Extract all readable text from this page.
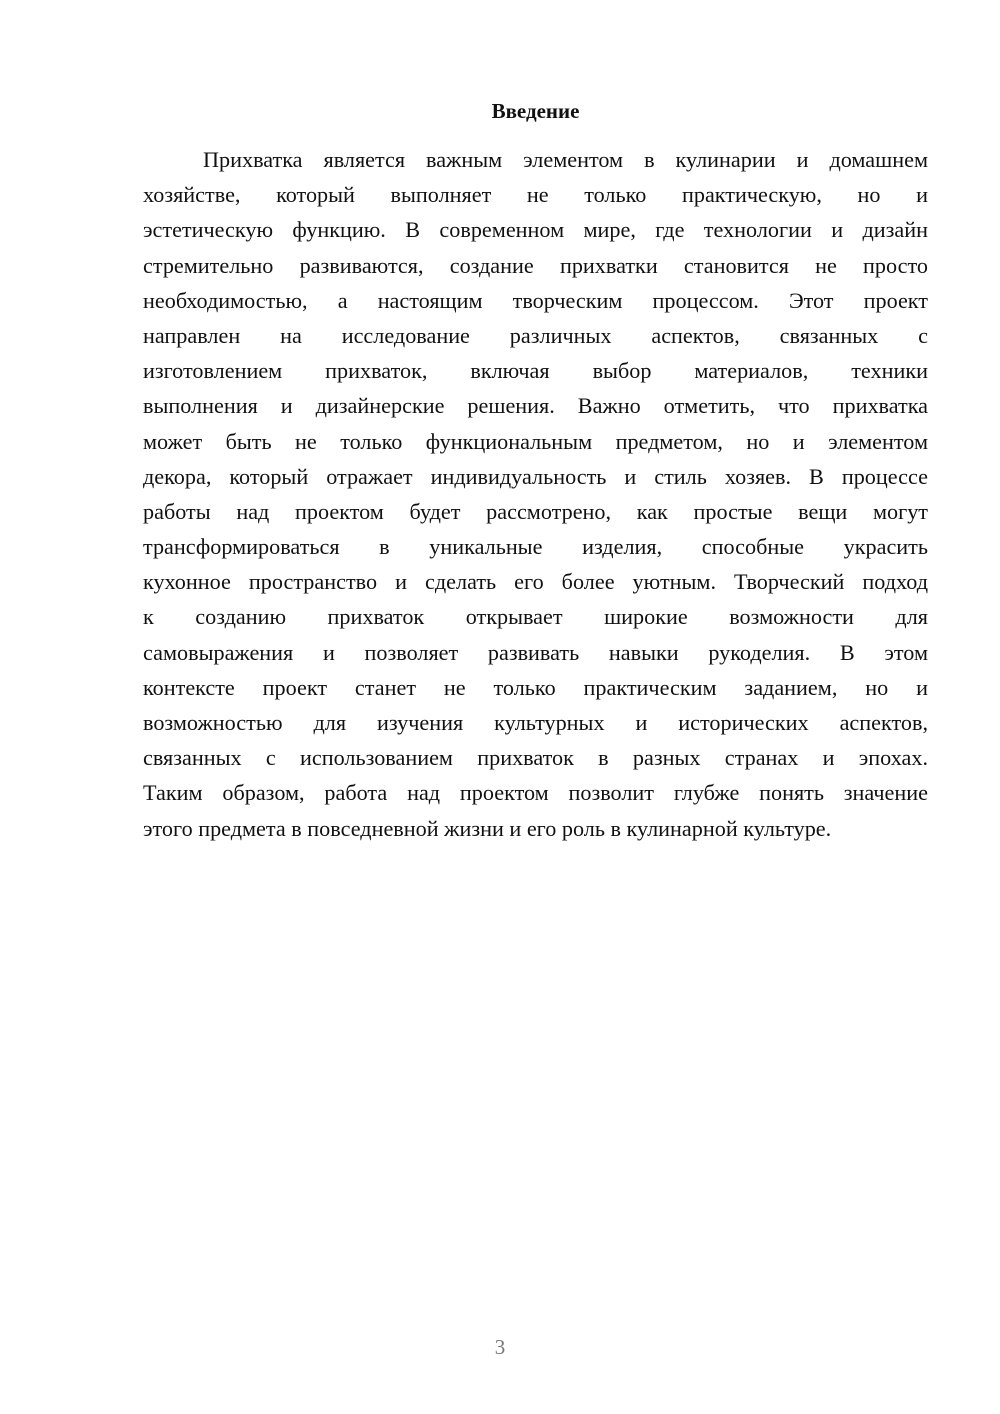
Введение
Прихватка является важным элементом в кулинарии и домашнем
хозяйстве, который выполняет не только практическую, но и
эстетическую функцию. В современном мире, где технологии и дизайн
стремительно развиваются, создание прихватки становится не просто
необходимостью, а настоящим творческим процессом. Этот проект
направлен на исследование различных аспектов, связанных с
изготовлением прихваток, включая выбор материалов, техники
выполнения и дизайнерские решения. Важно отметить, что прихватка
может быть не только функциональным предметом, но и элементом
декора, который отражает индивидуальность и стиль хозяев. В процессе
работы над проектом будет рассмотрено, как простые вещи могут
трансформироваться в уникальные изделия, способные украсить
кухонное пространство и сделать его более уютным. Творческий подход
к созданию прихваток открывает широкие возможности для
самовыражения и позволяет развивать навыки рукоделия. В этом
контексте проект станет не только практическим заданием, но и
возможностью для изучения культурных и исторических аспектов,
связанных с использованием прихваток в разных странах и эпохах.
Таким образом, работа над проектом позволит глубже понять значение
этого предмета в повседневной жизни и его роль в кулинарной культуре.
3
